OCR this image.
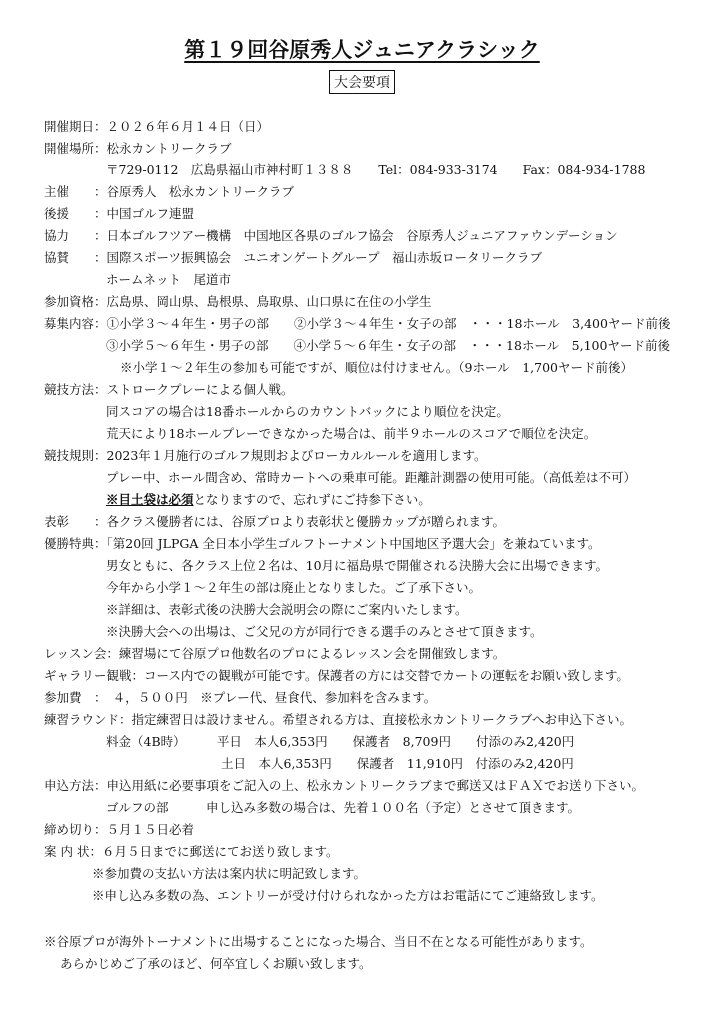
第１９回谷原秀人ジュニアクラシック
大会要項
開催期日：２０２６年６月１４日（日）
開催場所：松永カントリークラブ
〒729-0112　広島県福山市神村町１３８８　　Tel：084‐933‐3174　　Fax：084‐934‐1788
主催　　：谷原秀人　松永カントリークラブ
後援　　：中国ゴルフ連盟
協力　　：日本ゴルフツアー機構　中国地区各県のゴルフ協会　谷原秀人ジュニアファウンデーション
協賛　　：国際スポーツ振興協会　ユニオンゲートグループ　福山赤坂ロータリークラブ
ホームネット　尾道市
参加資格：広島県、岡山県、島根県、鳥取県、山口県に在住の小学生
募集内容：①小学３～４年生・男子の部　　②小学３～４年生・女子の部　・・・18ホール　3,400ヤード前後
③小学５～６年生・男子の部　　④小学５～６年生・女子の部　・・・18ホール　5,100ヤード前後
※小学１～２年生の参加も可能ですが、順位は付けません。（9ホール　1,700ヤード前後）
競技方法：ストロークプレーによる個人戦。
同スコアの場合は18番ホールからのカウントバックにより順位を決定。
荒天により18ホールプレーできなかった場合は、前半９ホールのスコアで順位を決定。
競技規則：2023年１月施行のゴルフ規則およびローカルルールを適用します。
プレー中、ホール間含め、常時カートへの乗車可能。距離計測器の使用可能。（高低差は不可）
※目土袋は必須となりますので、忘れずにご持参下さい。
表彰　　：各クラス優勝者には、谷原プロより表彰状と優勝カップが贈られます。
優勝特典：「第20回 JLPGA 全日本小学生ゴルフトーナメント中国地区予選大会」を兼ねています。
男女ともに、各クラス上位２名は、10月に福島県で開催される決勝大会に出場できます。
今年から小学１～２年生の部は廃止となりました。ご了承下さい。
※詳細は、表彰式後の決勝大会説明会の際にご案内いたします。
※決勝大会への出場は、ご父兄の方が同行できる選手のみとさせて頂きます。
レッスン会：練習場にて谷原プロ他数名のプロによるレッスン会を開催致します。
ギャラリー観戦：コース内での観戦が可能です。保護者の方には交替でカートの運転をお願い致します。
参加費　：　４，５００円　※プレー代、昼食代、参加料を含みます。
練習ラウンド：指定練習日は設けません。希望される方は、直接松永カントリークラブへお申込下さい。
料金（4B時）　　　平日　本人6,353円　　保護者　8,709円　　付添のみ2,420円
土日　本人6,353円　　保護者　11,910円　付添のみ2,420円
申込方法：申込用紙に必要事項をご記入の上、松永カントリークラブまで郵送又はＦＡＸでお送り下さい。
ゴルフの部　　　申し込み多数の場合は、先着１００名（予定）とさせて頂きます。
締め切り：５月１５日必着
案 内 状：６月５日までに郵送にてお送り致します。
※参加費の支払い方法は案内状に明記致します。
※申し込み多数の為、エントリーが受け付けられなかった方はお電話にてご連絡致します。
※谷原プロが海外トーナメントに出場することになった場合、当日不在となる可能性があります。
あらかじめご了承のほど、何卒宜しくお願い致します。
